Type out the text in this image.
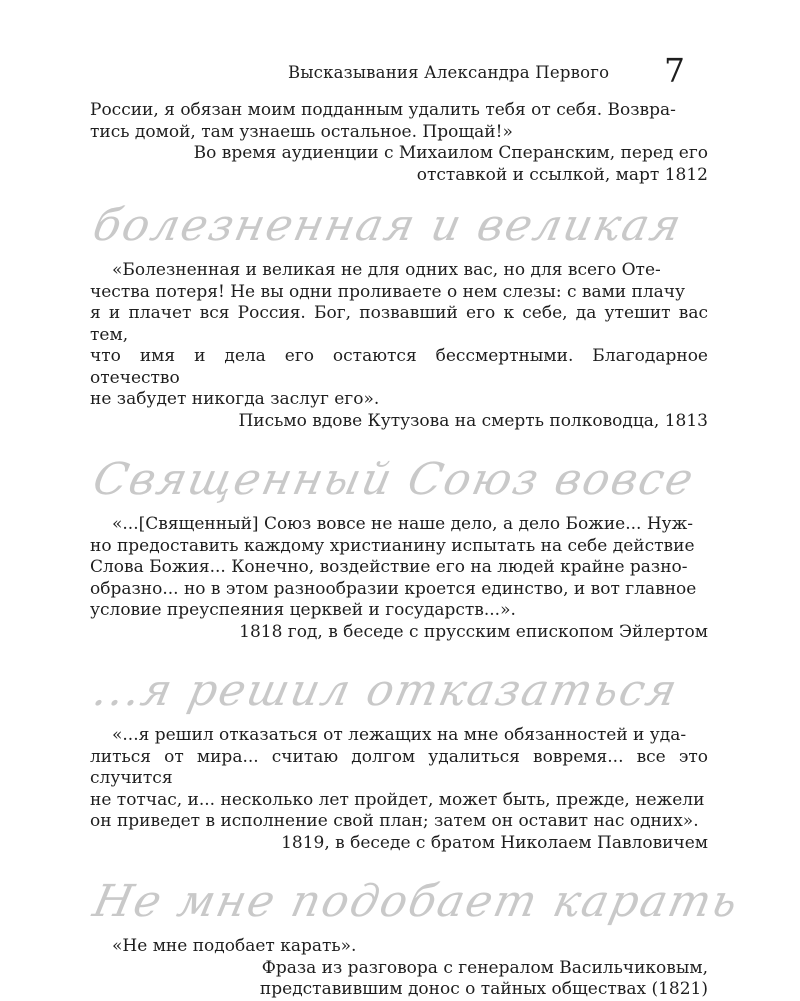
Высказывания Александра Первого	7

России, я обязан моим подданным удалить тебя от себя. Возвра-

тись домой, там узнаешь остальное. Прощай!»

Во время аудиенции с Михаилом Сперанским, перед его

отставкой и ссылкой, март 1812

болезненная и великая

«Болезненная и великая не для одних вас, но для всего Оте-

чества потеря! Не вы одни проливаете о нем слезы: с вами плачу

я и плачет вся Россия. Бог, позвавший его к себе, да утешит вас тем,

что имя и дела его остаются бессмертными. Благодарное отечество

не забудет никогда заслуг его».

Письмо вдове Кутузова на смерть полководца, 1813

Священный Союз вовсе

«...[Священный] Союз вовсе не наше дело, а дело Божие... Нуж-

но предоставить каждому христианину испытать на себе действие

Слова Божия... Конечно, воздействие его на людей крайне разно-

образно... но в этом разнообразии кроется единство, и вот главное

условие преуспеяния церквей и государств...».

1818 год, в беседе с прусским епископом Эйлертом

...я решил отказаться

«...я решил отказаться от лежащих на мне обязанностей и уда-

литься от мира... считаю долгом удалиться вовремя... все это случится

не тотчас, и... несколько лет пройдет, может быть, прежде, нежели

он приведет в исполнение свой план; затем он оставит нас одних».

1819, в беседе с братом Николаем Павловичем

Не мне подобает карать

«Не мне подобает карать».

Фраза из разговора с генералом Васильчиковым,

представившим донос о тайных обществах (1821)
